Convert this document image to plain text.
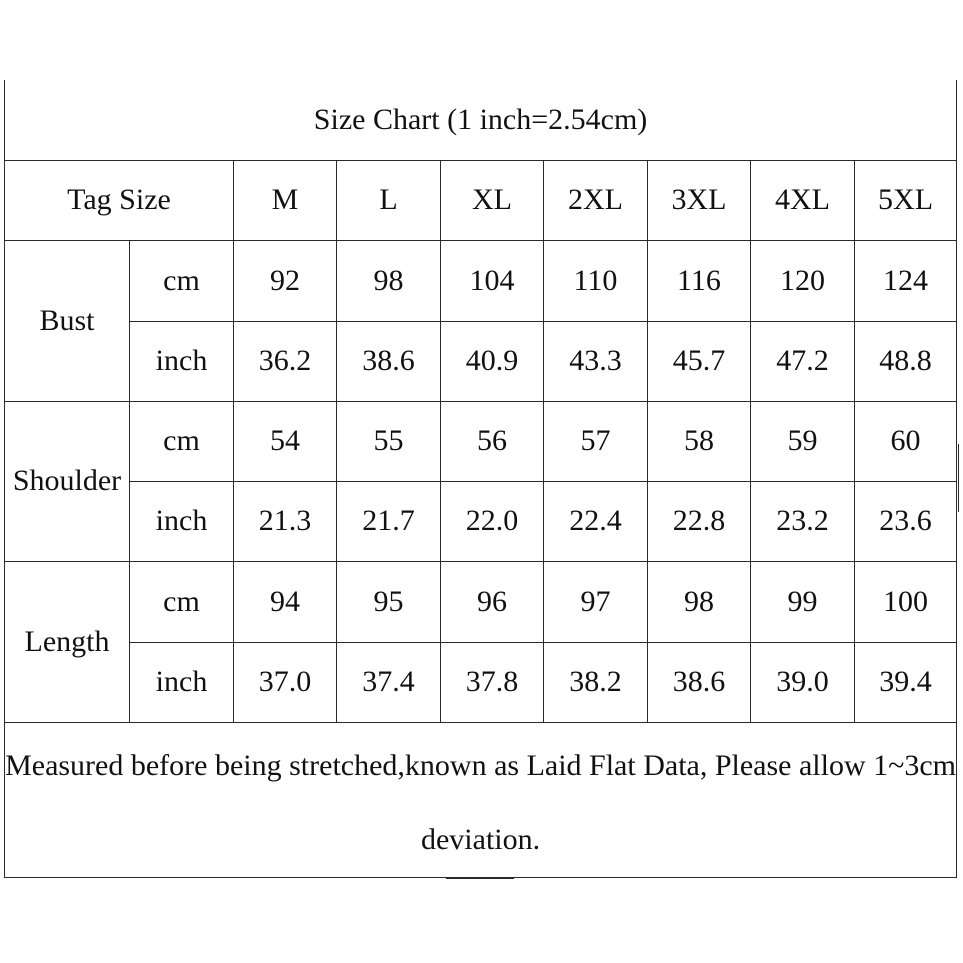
Size Chart (1 inch=2.54cm)								
Tag Size		M	L	XL	2XL	3XL	4XL	5XL
Bust	cm	92	98	104	110	116	120	124
	inch	36.2	38.6	40.9	43.3	45.7	47.2	48.8
Shoulder	cm	54	55	56	57	58	59	60
	inch	21.3	21.7	22.0	22.4	22.8	23.2	23.6
Length	cm	94	95	96	97	98	99	100
	inch	37.0	37.4	37.8	38.2	38.6	39.0	39.4
Measured before being stretched,known as Laid Flat Data, Please allow 1~3cm deviation.								
